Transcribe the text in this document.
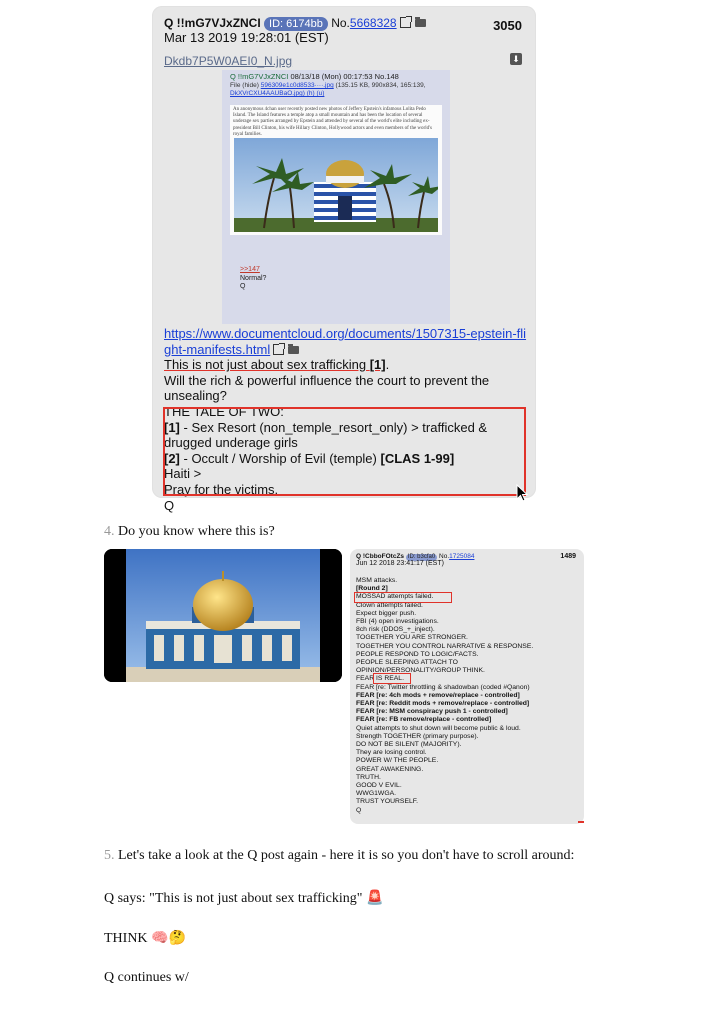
Q !!mG7VJxZNCI ID: 6174bb No.5668328	3050
Mar 13 2019 19:28:01 (EST)
Dkdb7P5W0AEI0_N.jpg	⬇
Q !!mG7VJxZNCI 08/13/18 (Mon) 00:17:53 No.148
File (hide) 596309e1c0d8533····.jpg (135.15 KB, 990x834, 165:139,
DkXVrCXU4AAUBaO.jpg) (h) (u)
An anonymous 4chan user recently posted new photos of Jeffery Epstein's infamous Lolita Pedo Island. The Island features a temple atop a small mountain and has been the location of several underage sex parties arranged by Epstein and attended by several of the world's elite including ex-president Bill Clinton, his wife Hillary Clinton, Hollywood actors and even members of the world's royal families.
>>147
Normal?
Q
https://www.documentcloud.org/documents/1507315-epstein-flight-manifests.html
This is not just about sex trafficking [1].
Will the rich & powerful influence the court to prevent the unsealing?
THE TALE OF TWO:
[1] - Sex Resort (non_temple_resort_only) > trafficked & drugged underage girls
[2] - Occult / Worship of Evil (temple) [CLAS 1-99]
Haiti >
Pray for the victims.
Q
4. Do you know where this is?
Q !CbboFOtcZs ID: b3cfa0 No.1725084	1489
Jun 12 2018 23:41:17 (EST)
MSM attacks.
[Round 2]
MOSSAD attempts failed.
Clown attempts failed.
Expect bigger push.
FBI (4) open investigations.
8ch risk (DDOS_+_inject).
TOGETHER YOU ARE STRONGER.
TOGETHER YOU CONTROL NARRATIVE & RESPONSE.
PEOPLE RESPOND TO LOGIC/FACTS.
PEOPLE SLEEPING ATTACH TO
OPINION/PERSONALITY/GROUP THINK.
FEAR IS REAL.
FEAR [re: Twitter throttling & shadowban (coded #Qanon)
FEAR [re: 4ch mods + remove/replace - controlled]
FEAR [re: Reddit mods + remove/replace - controlled]
FEAR [re: MSM conspiracy push 1 - controlled]
FEAR [re: FB remove/replace - controlled]
Quiet attempts to shut down will become public & loud.
Strength TOGETHER (primary purpose).
DO NOT BE SILENT (MAJORITY).
They are losing control.
POWER W/ THE PEOPLE.
GREAT AWAKENING.
TRUTH.
GOOD V EVIL.
WWG1WGA.
TRUST YOURSELF.
Q
5. Let's take a look at the Q post again - here it is so you don't have to scroll around:
Q says: "This is not just about sex trafficking" 🚨
THINK 🧠🤔
Q continues w/
